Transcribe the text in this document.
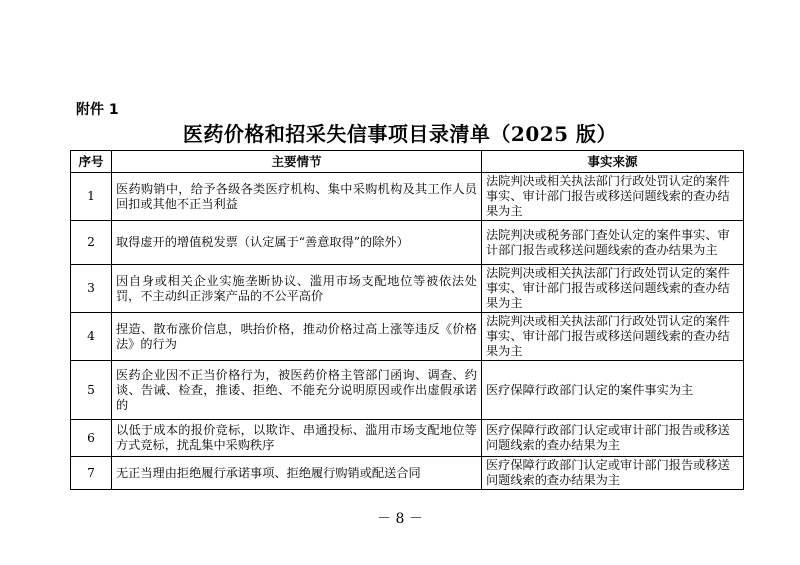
附件 1
医药价格和招采失信事项目录清单（2025 版）
序号	主要情节	事实来源
1	医药购销中，给予各级各类医疗机构、集中采购机构及其工作人员回扣或其他不正当利益	法院判决或相关执法部门行政处罚认定的案件事实、审计部门报告或移送问题线索的查办结果为主
2	取得虚开的增值税发票（认定属于“善意取得”的除外）	法院判决或税务部门查处认定的案件事实、审计部门报告或移送问题线索的查办结果为主
3	因自身或相关企业实施垄断协议、滥用市场支配地位等被依法处罚，不主动纠正涉案产品的不公平高价	法院判决或相关执法部门行政处罚认定的案件事实、审计部门报告或移送问题线索的查办结果为主
4	捏造、散布涨价信息，哄抬价格，推动价格过高上涨等违反《价格法》的行为	法院判决或相关执法部门行政处罚认定的案件事实、审计部门报告或移送问题线索的查办结果为主
5	医药企业因不正当价格行为，被医药价格主管部门函询、调查、约谈、告诫、检查，推诿、拒绝、不能充分说明原因或作出虚假承诺的	医疗保障行政部门认定的案件事实为主
6	以低于成本的报价竞标，以欺诈、串通投标、滥用市场支配地位等方式竞标，扰乱集中采购秩序	医疗保障行政部门认定或审计部门报告或移送问题线索的查办结果为主
7	无正当理由拒绝履行承诺事项、拒绝履行购销或配送合同	医疗保障行政部门认定或审计部门报告或移送问题线索的查办结果为主
－ 8 －
